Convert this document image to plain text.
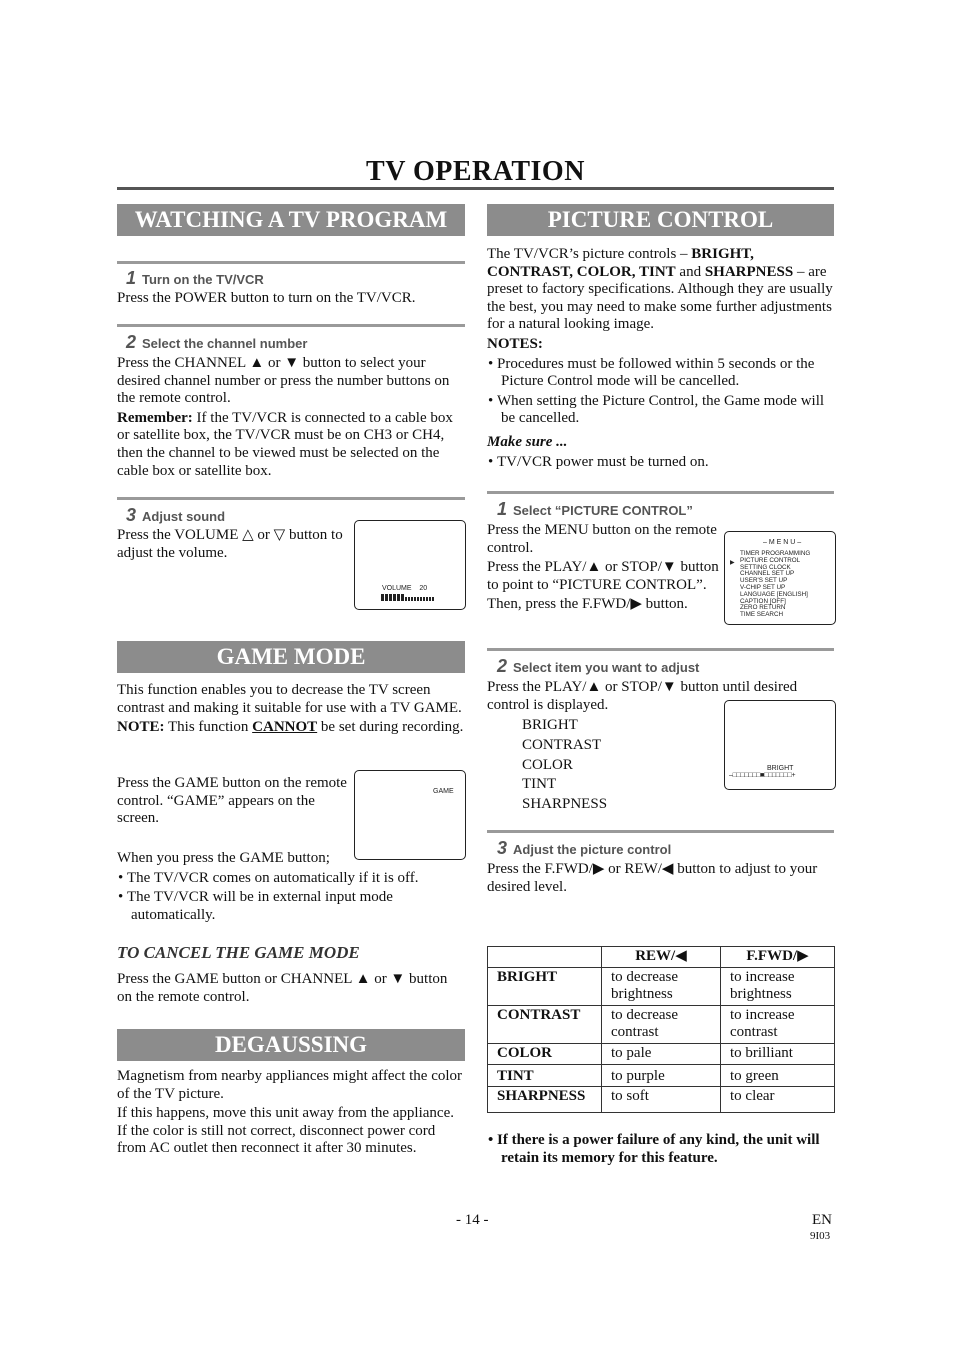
TV OPERATION
WATCHING A TV PROGRAM
1 Turn on the TV/VCR
Press the POWER button to turn on the TV/VCR.
2 Select the channel number

Press the CHANNEL ▲ or ▼ button to select your desired channel number or press the number buttons on the remote control.

Remember: If the TV/VCR is connected to a cable box or satellite box, the TV/VCR must be on CH3 or CH4, then the channel to be viewed must be selected on the cable box or satellite box.

3 Adjust sound
Press the VOLUME △ or ▽ button to adjust the volume.
VOLUME 20
GAME MODE

This function enables you to decrease the TV screen contrast and making it suitable for use with a TV GAME.

NOTE: This function CANNOT be set during recording.

Press the GAME button on the remote control. “GAME” appears on the screen.
GAME

When you press the GAME button;

• The TV/VCR comes on automatically if it is off.
• The TV/VCR will be in external input mode automatically.
TO CANCEL THE GAME MODE
Press the GAME button or CHANNEL ▲ or ▼ button on the remote control.
DEGAUSSING

Magnetism from nearby appliances might affect the color of the TV picture.

If this happens, move this unit away from the appliance. If the color is still not correct, disconnect power cord from AC outlet then reconnect it after 30 minutes.

PICTURE CONTROL

The TV/VCR’s picture controls – BRIGHT, CONTRAST, COLOR, TINT and SHARPNESS – are preset to factory specifications. Although they are usually the best, you may need to make some further adjustments for a natural looking image.

NOTES:

• Procedures must be followed within 5 seconds or the Picture Control mode will be cancelled.
• When setting the Picture Control, the Game mode will be cancelled.

Make sure ...

• TV/VCR power must be turned on.
1 Select “PICTURE CONTROL”

Press the MENU button on the remote control.

Press the PLAY/▲ or STOP/▼ button to point to “PICTURE CONTROL”.

Then, press the F.FWD/▶ button.

– M E N U –
▶
TIMER PROGRAMMING
PICTURE CONTROL
SETTING CLOCK
CHANNEL SET UP
USER'S SET UP
V-CHIP SET UP
LANGUAGE [ENGLISH]
CAPTION [OFF]
ZERO RETURN
TIME SEARCH
2 Select item you want to adjust
Press the PLAY/▲ or STOP/▼ button until desired control is displayed.
BRIGHT
CONTRAST
COLOR
TINT
SHARPNESS
BRIGHT
–□□□□□□□■□□□□□□□+
3 Adjust the picture control
Press the F.FWD/▶ or REW/◀ button to adjust to your desired level.
	REW/◀	F.FWD/▶
BRIGHT	to decrease brightness	to increase brightness
CONTRAST	to decrease contrast	to increase contrast
COLOR	to pale	to brilliant
TINT	to purple	to green
SHARPNESS	to soft	to clear
• If there is a power failure of any kind, the unit will retain its memory for this feature.
- 14 -	EN
9I03
